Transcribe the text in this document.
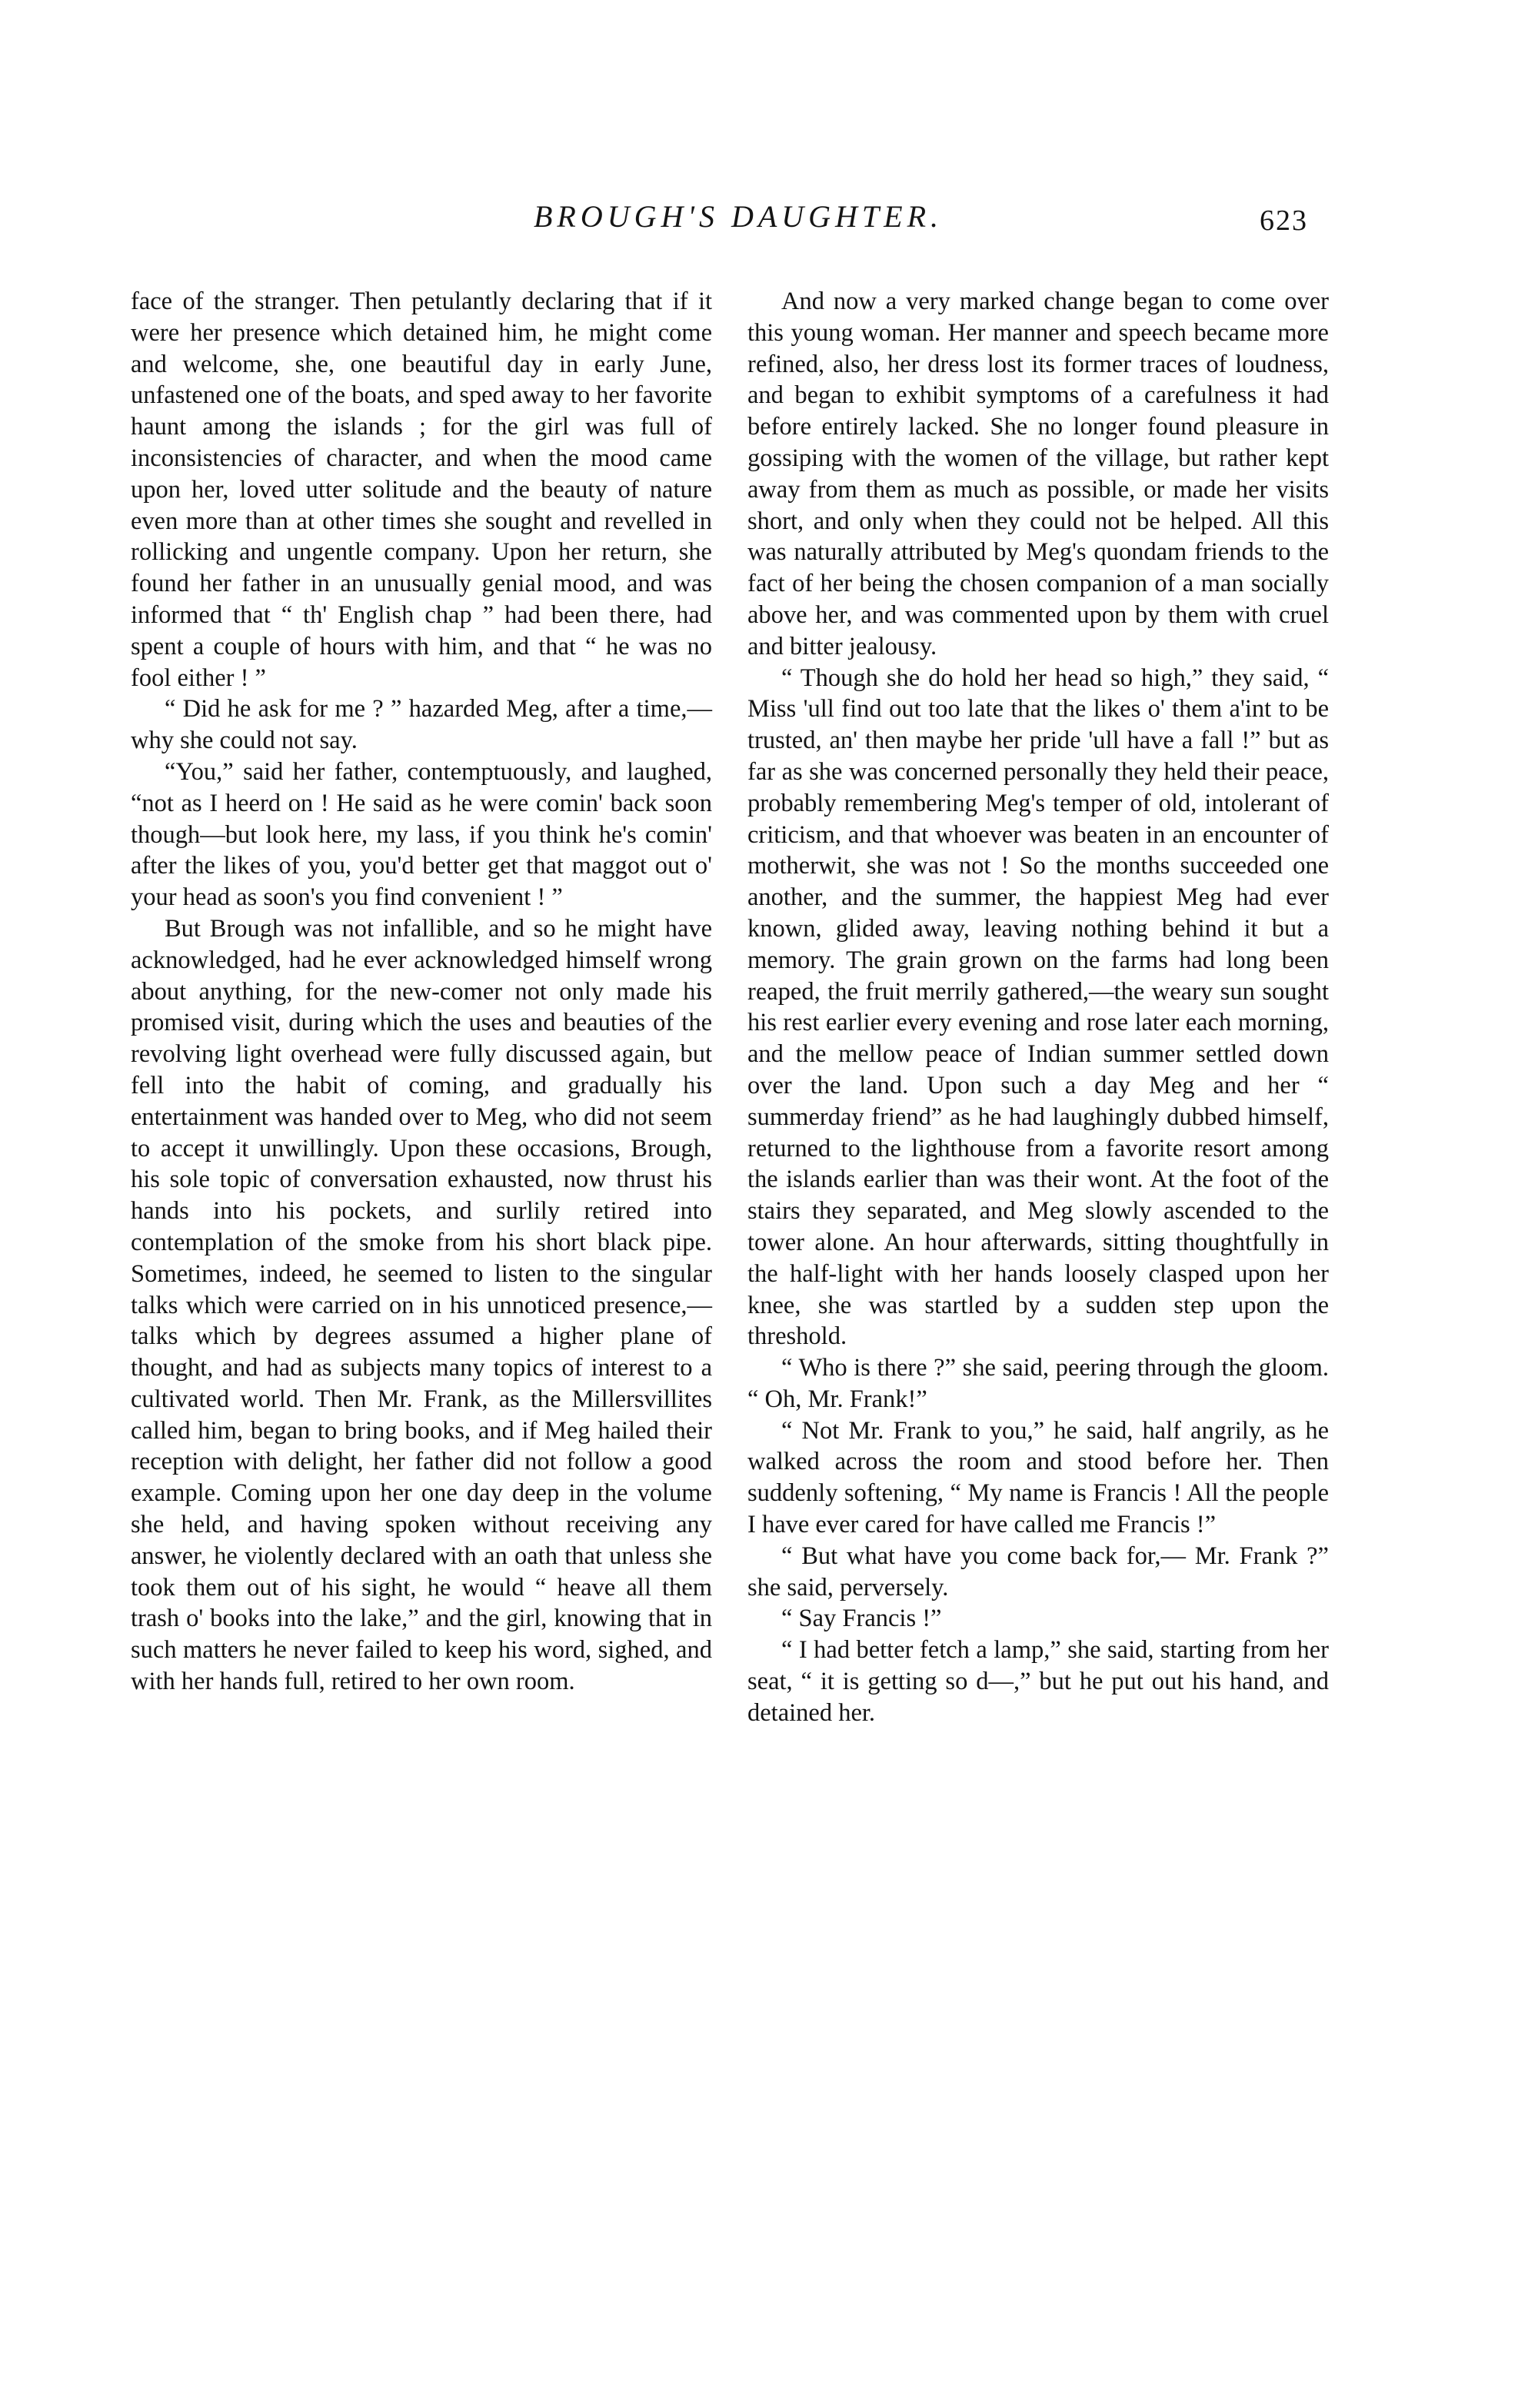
BROUGH'S DAUGHTER.	623

face of the stranger. Then petulantly declaring that if it were her presence which detained him, he might come and welcome, she, one beautiful day in early June, unfastened one of the boats, and sped away to her favorite haunt among the islands ; for the girl was full of inconsistencies of character, and when the mood came upon her, loved utter solitude and the beauty of nature even more than at other times she sought and revelled in rollicking and ungentle company. Upon her return, she found her father in an unusually genial mood, and was informed that “ th' English chap ” had been there, had spent a couple of hours with him, and that “ he was no fool either ! ”

“ Did he ask for me ? ” hazarded Meg, after a time,—why she could not say.

“You,” said her father, contemptuously, and laughed, “not as I heerd on ! He said as he were comin' back soon though—but look here, my lass, if you think he's comin' after the likes of you, you'd better get that maggot out o' your head as soon's you find convenient ! ”

But Brough was not infallible, and so he might have acknowledged, had he ever acknowledged himself wrong about anything, for the new-comer not only made his promised visit, during which the uses and beauties of the revolving light overhead were fully discussed again, but fell into the habit of coming, and gradually his entertainment was handed over to Meg, who did not seem to accept it unwillingly. Upon these occasions, Brough, his sole topic of conversation exhausted, now thrust his hands into his pockets, and surlily retired into contemplation of the smoke from his short black pipe. Sometimes, indeed, he seemed to listen to the singular talks which were carried on in his unnoticed presence,—talks which by degrees assumed a higher plane of thought, and had as subjects many topics of interest to a cultivated world. Then Mr. Frank, as the Millersvillites called him, began to bring books, and if Meg hailed their reception with delight, her father did not follow a good example. Coming upon her one day deep in the volume she held, and having spoken without receiving any answer, he violently declared with an oath that unless she took them out of his sight, he would “ heave all them trash o' books into the lake,” and the girl, knowing that in such matters he never failed to keep his word, sighed, and with her hands full, retired to her own room.

And now a very marked change began to come over this young woman. Her manner and speech became more refined, also, her dress lost its former traces of loudness, and began to exhibit symptoms of a carefulness it had before entirely lacked. She no longer found pleasure in gossiping with the women of the village, but rather kept away from them as much as possible, or made her visits short, and only when they could not be helped. All this was naturally attributed by Meg's quondam friends to the fact of her being the chosen companion of a man socially above her, and was commented upon by them with cruel and bitter jealousy.

“ Though she do hold her head so high,” they said, “ Miss 'ull find out too late that the likes o' them a'int to be trusted, an' then maybe her pride 'ull have a fall !” but as far as she was concerned personally they held their peace, probably remembering Meg's temper of old, intolerant of criticism, and that whoever was beaten in an encounter of motherwit, she was not ! So the months succeeded one another, and the summer, the happiest Meg had ever known, glided away, leaving nothing behind it but a memory. The grain grown on the farms had long been reaped, the fruit merrily gathered,—the weary sun sought his rest earlier every evening and rose later each morning, and the mellow peace of Indian summer settled down over the land. Upon such a day Meg and her “ summerday friend” as he had laughingly dubbed himself, returned to the lighthouse from a favorite resort among the islands earlier than was their wont. At the foot of the stairs they separated, and Meg slowly ascended to the tower alone. An hour afterwards, sitting thoughtfully in the half-light with her hands loosely clasped upon her knee, she was startled by a sudden step upon the threshold.

“ Who is there ?” she said, peering through the gloom. “ Oh, Mr. Frank!”

“ Not Mr. Frank to you,” he said, half angrily, as he walked across the room and stood before her. Then suddenly softening, “ My name is Francis ! All the people I have ever cared for have called me Francis !”

“ But what have you come back for,— Mr. Frank ?” she said, perversely.

“ Say Francis !”

“ I had better fetch a lamp,” she said, starting from her seat, “ it is getting so d—,” but he put out his hand, and detained her.
